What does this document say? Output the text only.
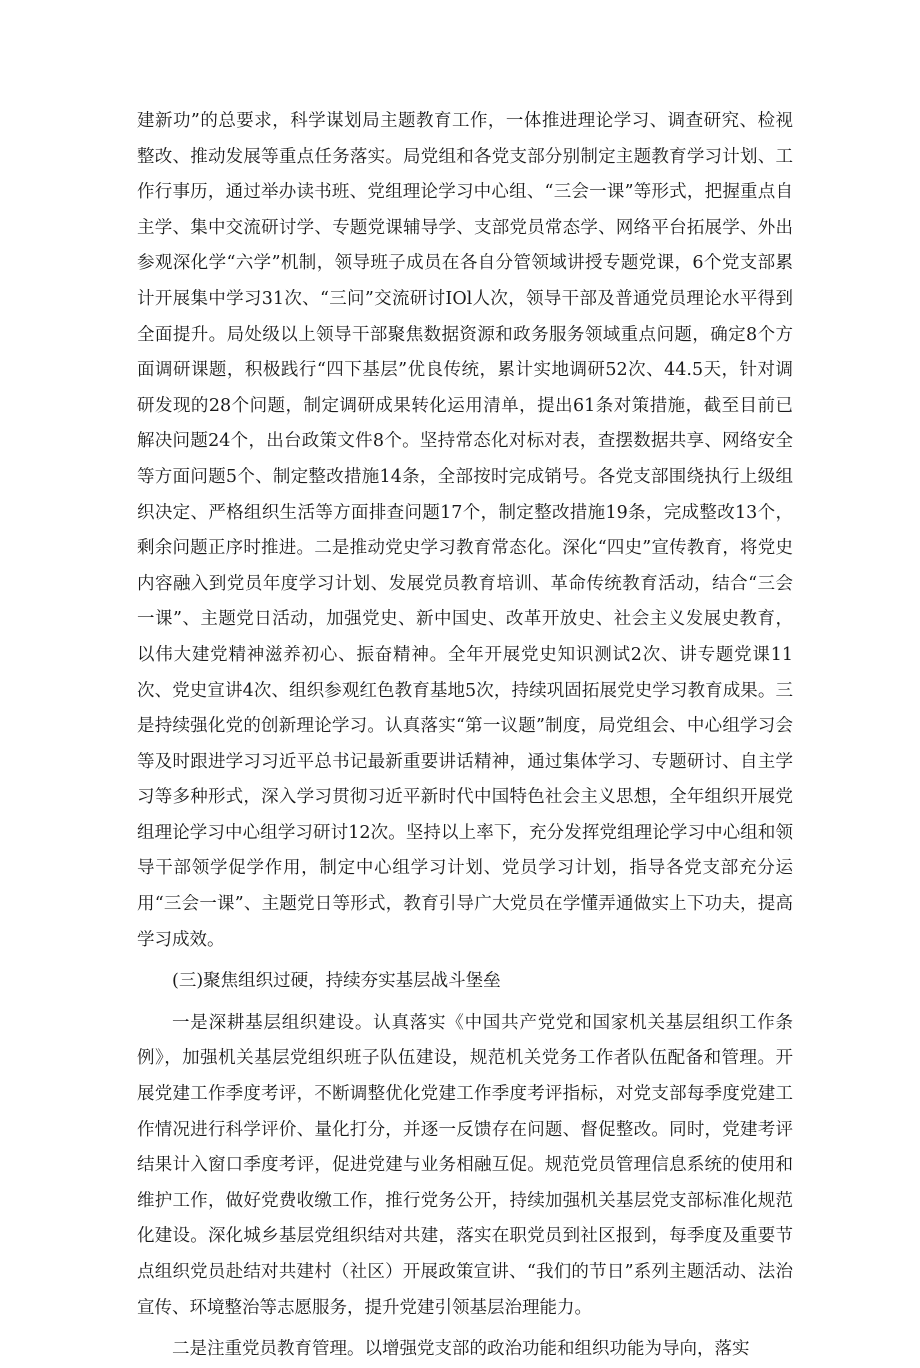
建新功”的总要求，科学谋划局主题教育工作，一体推进理论学习、调查研究、检视整改、推动发展等重点任务落实。局党组和各党支部分别制定主题教育学习计划、工作行事历，通过举办读书班、党组理论学习中心组、“三会一课”等形式，把握重点自主学、集中交流研讨学、专题党课辅导学、支部党员常态学、网络平台拓展学、外出参观深化学“六学”机制，领导班子成员在各自分管领域讲授专题党课，6个党支部累计开展集中学习31次、“三问”交流研讨IOl人次，领导干部及普通党员理论水平得到全面提升。局处级以上领导干部聚焦数据资源和政务服务领域重点问题，确定8个方面调研课题，积极践行“四下基层”优良传统，累计实地调研52次、44.5天，针对调研发现的28个问题，制定调研成果转化运用清单，提出61条对策措施，截至目前已解决问题24个，出台政策文件8个。坚持常态化对标对表，查摆数据共享、网络安全等方面问题5个、制定整改措施14条，全部按时完成销号。各党支部围绕执行上级组织决定、严格组织生活等方面排查问题17个，制定整改措施19条，完成整改13个，剩余问题正序时推进。二是推动党史学习教育常态化。深化“四史”宣传教育，将党史内容融入到党员年度学习计划、发展党员教育培训、革命传统教育活动，结合“三会一课”、主题党日活动，加强党史、新中国史、改革开放史、社会主义发展史教育，以伟大建党精神滋养初心、振奋精神。全年开展党史知识测试2次、讲专题党课11次、党史宣讲4次、组织参观红色教育基地5次，持续巩固拓展党史学习教育成果。三是持续强化党的创新理论学习。认真落实“第一议题”制度，局党组会、中心组学习会等及时跟进学习习近平总书记最新重要讲话精神，通过集体学习、专题研讨、自主学习等多种形式，深入学习贯彻习近平新时代中国特色社会主义思想，全年组织开展党组理论学习中心组学习研讨12次。坚持以上率下，充分发挥党组理论学习中心组和领导干部领学促学作用，制定中心组学习计划、党员学习计划，指导各党支部充分运用“三会一课”、主题党日等形式，教育引导广大党员在学懂弄通做实上下功夫，提高学习成效。

(三)聚焦组织过硬，持续夯实基层战斗堡垒

一是深耕基层组织建设。认真落实《中国共产党党和国家机关基层组织工作条例》，加强机关基层党组织班子队伍建设，规范机关党务工作者队伍配备和管理。开展党建工作季度考评，不断调整优化党建工作季度考评指标，对党支部每季度党建工作情况进行科学评价、量化打分，并逐一反馈存在问题、督促整改。同时，党建考评结果计入窗口季度考评，促进党建与业务相融互促。规范党员管理信息系统的使用和维护工作，做好党费收缴工作，推行党务公开，持续加强机关基层党支部标准化规范化建设。深化城乡基层党组织结对共建，落实在职党员到社区报到，每季度及重要节点组织党员赴结对共建村（社区）开展政策宣讲、“我们的节日”系列主题活动、法治宣传、环境整治等志愿服务，提升党建引领基层治理能力。

二是注重党员教育管理。以增强党支部的政治功能和组织功能为导向，落实
